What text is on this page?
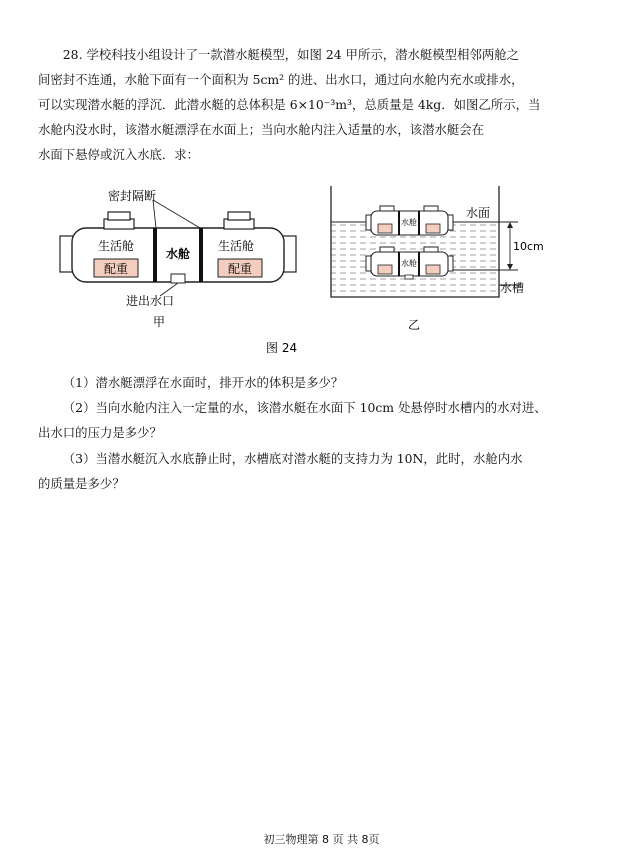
28. 学校科技小组设计了一款潜水艇模型，如图 24 甲所示，潜水艇模型相邻两舱之
间密封不连通，水舱下面有一个面积为 5cm² 的进、出水口，通过向水舱内充水或排水，
可以实现潜水艇的浮沉．此潜水艇的总体积是 6×10⁻³m³，总质量是 4kg．如图乙所示，当
水舱内没水时，该潜水艇漂浮在水面上；当向水舱内注入适量的水，该潜水艇会在
水面下悬停或沉入水底．求：
密封隔断
生活舱	生活舱
水舱
配重	配重
进出水口
甲
水舱
水舱
水面
10cm
水槽
乙
图 24
（1）潜水艇漂浮在水面时，排开水的体积是多少？
（2）当向水舱内注入一定量的水，该潜水艇在水面下 10cm 处悬停时水槽内的水对进、
出水口的压力是多少？
（3）当潜水艇沉入水底静止时，水槽底对潜水艇的支持力为 10N，此时，水舱内水
的质量是多少？
初三物理第 8 页 共 8页
